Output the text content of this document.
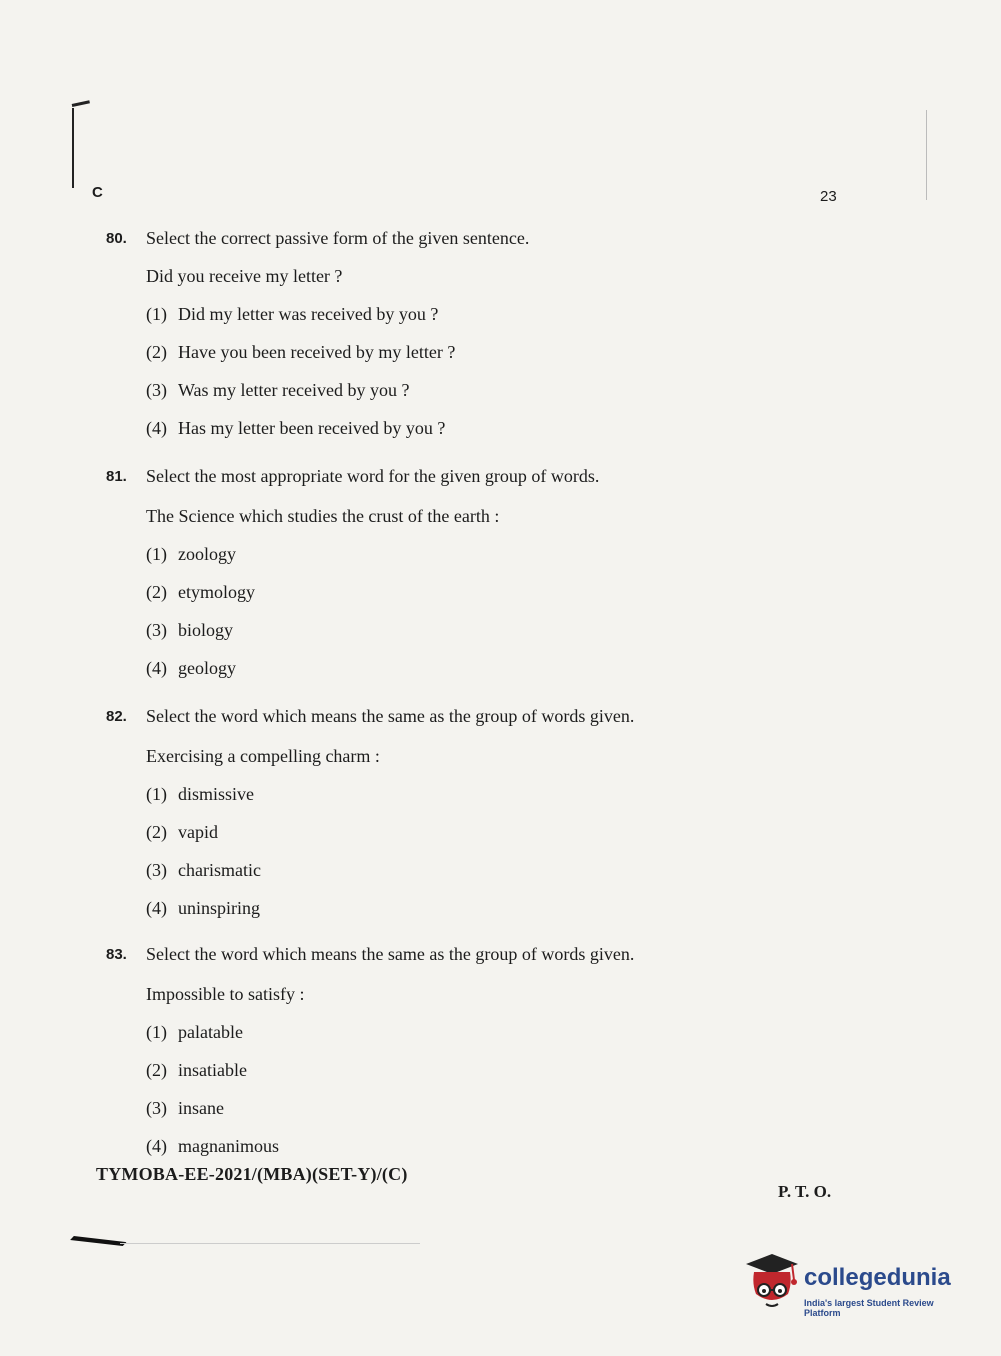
C	23
80. Select the correct passive form of the given sentence.
Did you receive my letter ?
(1) Did my letter was received by you ?
(2) Have you been received by my letter ?
(3) Was my letter received by you ?
(4) Has my letter been received by you ?
81. Select the most appropriate word for the given group of words.
The Science which studies the crust of the earth :
(1) zoology
(2) etymology
(3) biology
(4) geology
82. Select the word which means the same as the group of words given.
Exercising a compelling charm :
(1) dismissive
(2) vapid
(3) charismatic
(4) uninspiring
83. Select the word which means the same as the group of words given.
Impossible to satisfy :
(1) palatable
(2) insatiable
(3) insane
(4) magnanimous
TYMOBA-EE-2021/(MBA)(SET-Y)/(C)
P. T. O.
collegedunia
India's largest Student Review Platform
